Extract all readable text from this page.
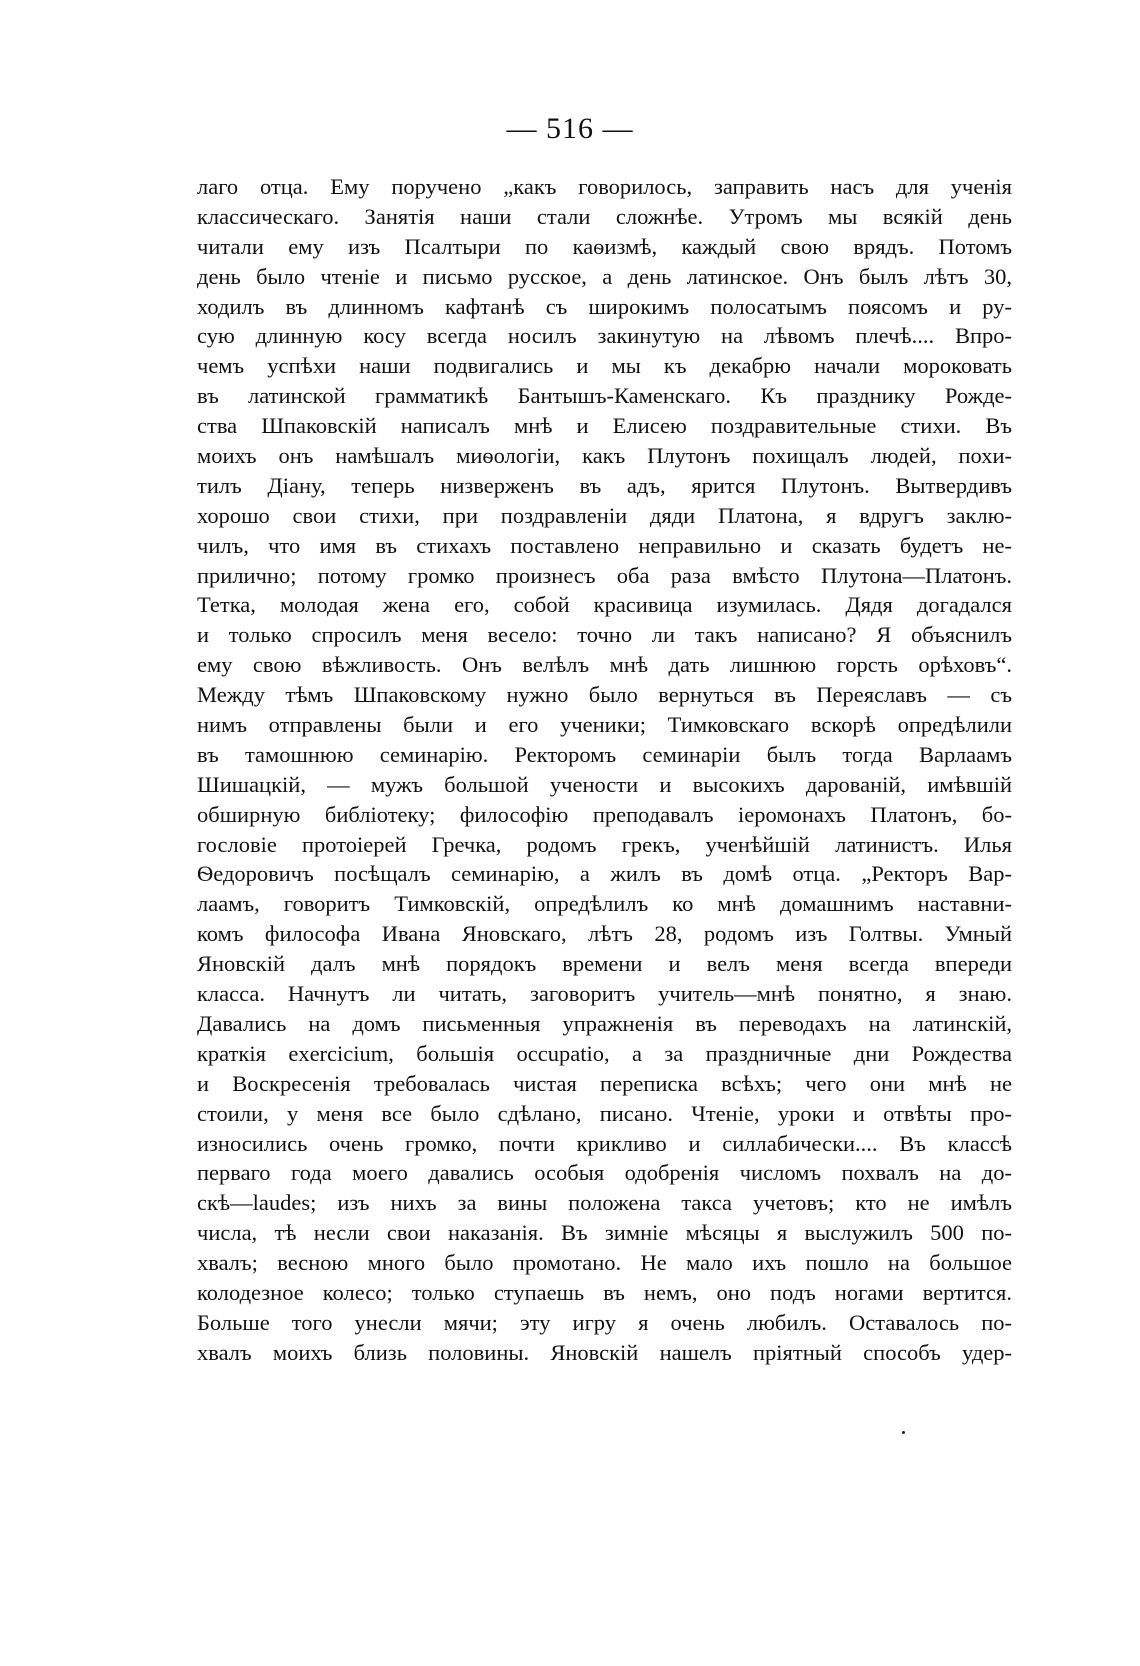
— 516 —
лаго отца. Ему поручено „какъ говорилось, заправить насъ для ученія
классическаго. Занятія наши стали сложнѣе. Утромъ мы всякій день
читали ему изъ Псалтыри по каѳизмѣ, каждый свою врядъ. Потомъ
день было чтеніе и письмо русское, а день латинское. Онъ былъ лѣтъ 30,
ходилъ въ длинномъ кафтанѣ съ широкимъ полосатымъ поясомъ и ру-
сую длинную косу всегда носилъ закинутую на лѣвомъ плечѣ.... Впро-
чемъ успѣхи наши подвигались и мы къ декабрю начали мороковать
въ латинской грамматикѣ Бантышъ-Каменскаго. Къ празднику Рожде-
ства Шпаковскій написалъ мнѣ и Елисею поздравительные стихи. Въ
моихъ онъ намѣшалъ миѳологіи, какъ Плутонъ похищалъ людей, похи-
тилъ Діану, теперь низверженъ въ адъ, ярится Плутонъ. Вытвердивъ
хорошо свои стихи, при поздравленіи дяди Платона, я вдругъ заклю-
чилъ, что имя въ стихахъ поставлено неправильно и сказать будетъ не-
прилично; потому громко произнесъ оба раза вмѣсто Плутона—Платонъ.
Тетка, молодая жена его, собой красивица изумилась. Дядя догадался
и только спросилъ меня весело: точно ли такъ написано? Я объяснилъ
ему свою вѣжливость. Онъ велѣлъ мнѣ дать лишнюю горсть орѣховъ“.
Между тѣмъ Шпаковскому нужно было вернуться въ Переяславъ — съ
нимъ отправлены были и его ученики; Тимковскаго вскорѣ опредѣлили
въ тамошнюю семинарію. Ректоромъ семинаріи былъ тогда Варлаамъ
Шишацкій, — мужъ большой учености и высокихъ дарованій, имѣвшій
обширную библіотеку; философію преподавалъ іеромонахъ Платонъ, бо-
гословіе протоіерей Гречка, родомъ грекъ, ученѣйшій латинистъ. Илья
Ѳедоровичъ посѣщалъ семинарію, а жилъ въ домѣ отца. „Ректоръ Вар-
лаамъ, говоритъ Тимковскій, опредѣлилъ ко мнѣ домашнимъ наставни-
комъ философа Ивана Яновскаго, лѣтъ 28, родомъ изъ Голтвы. Умный
Яновскій далъ мнѣ порядокъ времени и велъ меня всегда впереди
класса. Начнутъ ли читать, заговоритъ учитель—мнѣ понятно, я знаю.
Давались на домъ письменныя упражненія въ переводахъ на латинскій,
краткія exercicium, большія occupatio, а за праздничные дни Рождества
и Воскресенія требовалась чистая переписка всѣхъ; чего они мнѣ не
стоили, у меня все было сдѣлано, писано. Чтеніе, уроки и отвѣты про-
износились очень громко, почти крикливо и силлабически.... Въ классѣ
перваго года моего давались особыя одобренія числомъ похвалъ на до-
скѣ—laudes; изъ нихъ за вины положена такса учетовъ; кто не имѣлъ
числа, тѣ несли свои наказанія. Въ зимніе мѣсяцы я выслужилъ 500 по-
хвалъ; весною много было промотано. Не мало ихъ пошло на большое
колодезное колесо; только ступаешь въ немъ, оно подъ ногами вертится.
Больше того унесли мячи; эту игру я очень любилъ. Оставалось по-
хвалъ моихъ близь половины. Яновскій нашелъ пріятный способъ удер-
